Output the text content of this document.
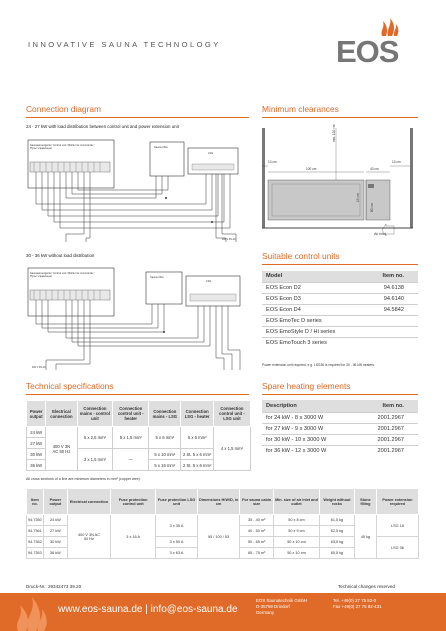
INNOVATIVE SAUNA TECHNOLOGY	EOS
Connection diagram
24 - 27 kW with load distribution between control unit and power extension unit
Saunasteuergerät / Control unit / Boîtier de commande / Пульт управления	Sauna-Ofen
LSG
400 V 3N AC
30 - 36 kW without load distribution
Saunasteuergerät / Control unit / Boîtier de commande / Пульт управления	Sauna-Ofen
LSG
400 V 3N AC
Minimum clearances
10 cm
100 cm
10 cm
43 cm
min. 120 cm
19 cm
80 cm
Air inlet
Suitable control units
Model	Item no.
EOS Econ D2	94.6138
EOS Econ D3	94.6140
EOS Econ D4	94.5842
EOS EmoTec D series	
EOS EmoStyle D / Hi series	
EOS EmoTouch 3 series	
Power extension unit required, e.g. LSG36 is required for 30 - 36 kW heaters.
Technical specifications
Power output	Electrical connection	Connection mains - control unit	Connection control unit - heater	Connection mains - LSG	Connection LSG - heater	Connection control unit - LSG unit
24 kW	400 V 3N AC 50 Hz	5 x 2,5 mm²	5 x 1,5 mm²	5 x 6 mm²	5 x 6 mm²	4 x 1,5 mm²
27 kW						
30 kW		3 x 1,5 mm²	—	5 x 10 mm²	2 St. 5 x 6 mm²	
36 kW				5 x 16 mm²	2 St. 5 x 6 mm²	
All cross sections of a line are minimum diameters in mm² (copper wire).
Spare heating elements
Description	Item no.
for 24 kW - 8 x 3000 W	2001.2967
for 27 kW - 9 x 3000 W	2001.2967
for 30 kW - 10 x 3000 W	2001.2967
for 36 kW - 12 x 3000 W	2001.2967
Item no.	Power output	Electrical connection	Fuse protection control unit	Fuse protection LSG unit	Dimensions H/W/D, in cm	For sauna cabin size	Min. size of air inlet and outlet	Weight without rocks	Stone filling	Power extension required
94.7360	24 kW	400 V 3N AC 50 Hz	3 x 16 A	3 x 35 A	95 / 100 / 53	35 - 40 m³	50 x 8 cm	61,5 kg	45 kg	LSG 18
94.7361	27 kW					40 - 50 m³	50 x 9 cm	62,5 kg		
94.7362	30 kW			3 x 50 A		50 - 65 m³	50 x 10 cm	63,5 kg		LSG 36
94.7363	36 kW			3 x 63 A		65 - 75 m³	50 x 10 cm	65,5 kg		
Druck-Nr.: 29342473 39.20	Technical changes reserved
www.eos-sauna.de | info@eos-sauna.de
EOS Saunatechnik GmbH
D-35759 Driedorf
Germany
Tel. +49(0) 27 75 82-0
Fax +49(0) 27 75 82-431
